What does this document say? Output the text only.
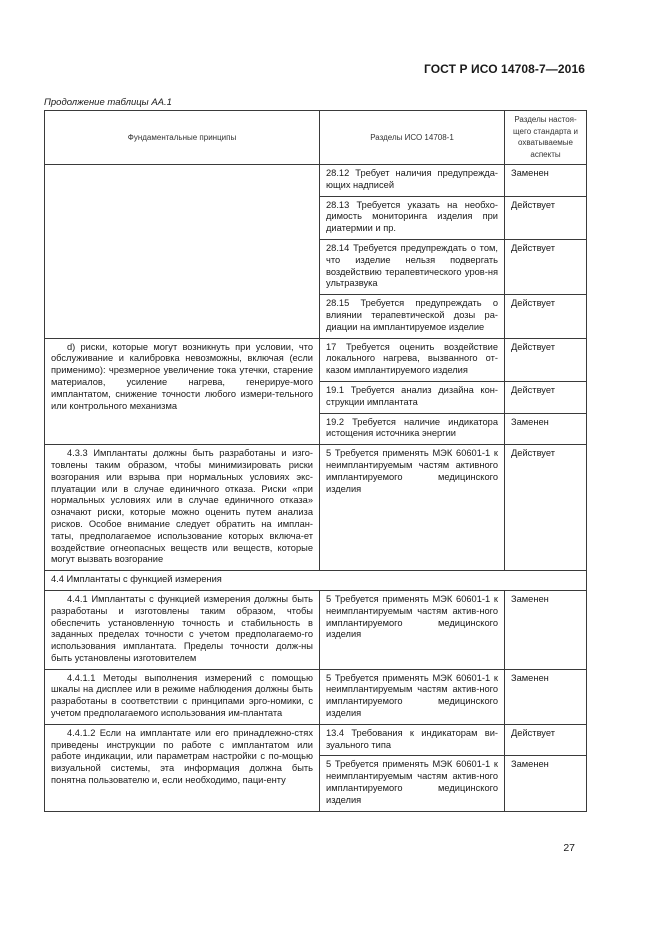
ГОСТ Р ИСО 14708-7—2016
Продолжение таблицы АА.1
Фундаментальные принципы	Разделы ИСО 14708-1	Разделы настоя-щего стандарта и охватываемые аспекты
	28.12 Требует наличия предупрежда-ющих надписей	Заменен
	28.13 Требуется указать на необхо-димость мониторинга изделия при диатермии и пр.	Действует
	28.14 Требуется предупреждать о том, что изделие нельзя подвергать воздействию терапевтического уров-ня ультразвука	Действует
	28.15 Требуется предупреждать о влиянии терапевтической дозы ра-диации на имплантируемое изделие	Действует
d) риски, которые могут возникнуть при условии, что обслуживание и калибровка невозможны, включая (если применимо): чрезмерное увеличение тока утечки, старение материалов, усиление нагрева, генерируе-мого имплантатом, снижение точности любого измери-тельного или контрольного механизма	17 Требуется оценить воздействие локального нагрева, вызванного от-казом имплантируемого изделия	Действует
	19.1 Требуется анализ дизайна кон-струкции имплантата	Действует
	19.2 Требуется наличие индикатора истощения источника энергии	Заменен
4.3.3 Имплантаты должны быть разработаны и изго-товлены таким образом, чтобы минимизировать риски возгорания или взрыва при нормальных условиях экс-плуатации или в случае единичного отказа. Риски «при нормальных условиях или в случае единичного отказа» означают риски, которые можно оценить путем анализа рисков. Особое внимание следует обратить на имплан-таты, предполагаемое использование которых включа-ет воздействие огнеопасных веществ или веществ, которые могут вызвать возгорание	5 Требуется применять МЭК 60601-1 к неимплантируемым частям активного имплантируемого медицинского изделия	Действует
4.4 Имплантаты с функцией измерения		
4.4.1 Имплантаты с функцией измерения должны быть разработаны и изготовлены таким образом, чтобы обеспечить установленную точность и стабильность в заданных пределах точности с учетом предполагаемо-го использования имплантата. Пределы точности долж-ны быть установлены изготовителем	5 Требуется применять МЭК 60601-1 к неимплантируемым частям актив-ного имплантируемого медицинского изделия	Заменен
4.4.1.1 Методы выполнения измерений с помощью шкалы на дисплее или в режиме наблюдения должны быть разработаны в соответствии с принципами эрго-номики, с учетом предполагаемого использования им-плантата	5 Требуется применять МЭК 60601-1 к неимплантируемым частям актив-ного имплантируемого медицинского изделия	Заменен
4.4.1.2 Если на имплантате или его принадлежно-стях приведены инструкции по работе с имплантатом или работе индикации, или параметрам настройки с по-мощью визуальной системы, эта информация должна быть понятна пользователю и, если необходимо, паци-енту	13.4 Требования к индикаторам ви-зуального типа	Действует
	5 Требуется применять МЭК 60601-1 к неимплантируемым частям актив-ного имплантируемого медицинского изделия	Заменен
27
